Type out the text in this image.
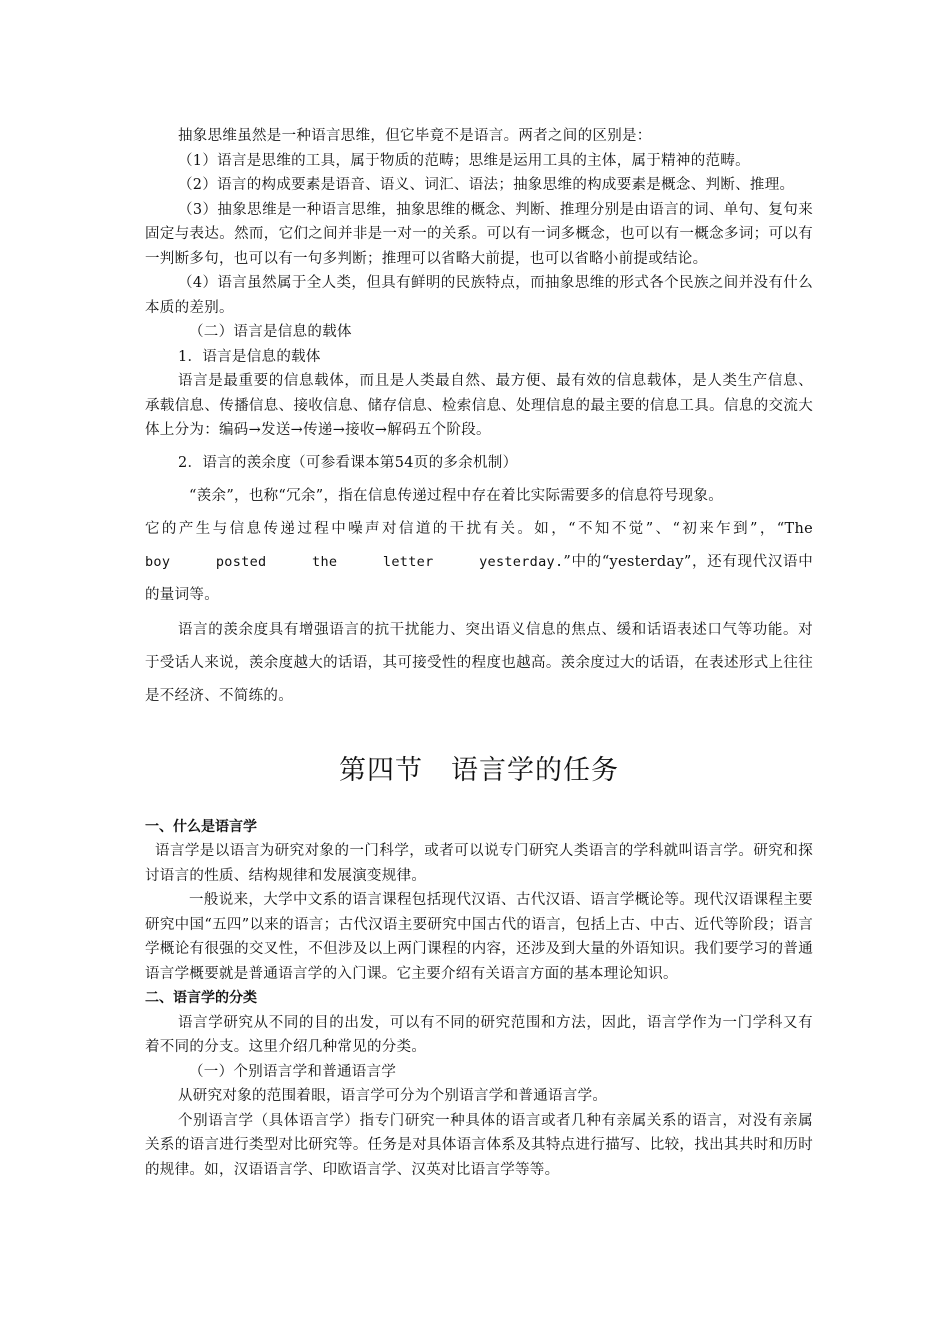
抽象思维虽然是一种语言思维，但它毕竟不是语言。两者之间的区别是：

（1）语言是思维的工具，属于物质的范畴；思维是运用工具的主体，属于精神的范畴。

（2）语言的构成要素是语音、语义、词汇、语法；抽象思维的构成要素是概念、判断、推理。

（3）抽象思维是一种语言思维，抽象思维的概念、判断、推理分别是由语言的词、单句、复句来固定与表达。然而，它们之间并非是一对一的关系。可以有一词多概念，也可以有一概念多词；可以有一判断多句，也可以有一句多判断；推理可以省略大前提，也可以省略小前提或结论。

（4）语言虽然属于全人类，但具有鲜明的民族特点，而抽象思维的形式各个民族之间并没有什么本质的差别。

（二）语言是信息的载体

1．语言是信息的载体

语言是最重要的信息载体，而且是人类最自然、最方便、最有效的信息载体，是人类生产信息、承载信息、传播信息、接收信息、储存信息、检索信息、处理信息的最主要的信息工具。信息的交流大体上分为：编码→发送→传递→接收→解码五个阶段。

2．语言的羡余度（可参看课本第54页的多余机制）

“羡余”，也称“冗余”，指在信息传递过程中存在着比实际需要多的信息符号现象。

它的产生与信息传递过程中噪声对信道的干扰有关。如，“不知不觉”、“初来乍到”，“The

boy  posted  the  letter  yesterday.”中的“yesterday”，还有现代汉语中的量词等。

语言的羡余度具有增强语言的抗干扰能力、突出语义信息的焦点、缓和话语表述口气等功能。对于受话人来说，羡余度越大的话语，其可接受性的程度也越高。羡余度过大的话语，在表述形式上往往是不经济、不简练的。

第四节　语言学的任务
一、什么是语言学

语言学是以语言为研究对象的一门科学，或者可以说专门研究人类语言的学科就叫语言学。研究和探讨语言的性质、结构规律和发展演变规律。

一般说来，大学中文系的语言课程包括现代汉语、古代汉语、语言学概论等。现代汉语课程主要研究中国“五四”以来的语言；古代汉语主要研究中国古代的语言，包括上古、中古、近代等阶段；语言学概论有很强的交叉性，不但涉及以上两门课程的内容，还涉及到大量的外语知识。我们要学习的普通语言学概要就是普通语言学的入门课。它主要介绍有关语言方面的基本理论知识。

二、语言学的分类

语言学研究从不同的目的出发，可以有不同的研究范围和方法，因此，语言学作为一门学科又有着不同的分支。这里介绍几种常见的分类。

（一）个别语言学和普通语言学

从研究对象的范围着眼，语言学可分为个别语言学和普通语言学。

个别语言学（具体语言学）指专门研究一种具体的语言或者几种有亲属关系的语言，对没有亲属关系的语言进行类型对比研究等。任务是对具体语言体系及其特点进行描写、比较，找出其共时和历时的规律。如，汉语语言学、印欧语言学、汉英对比语言学等等。
